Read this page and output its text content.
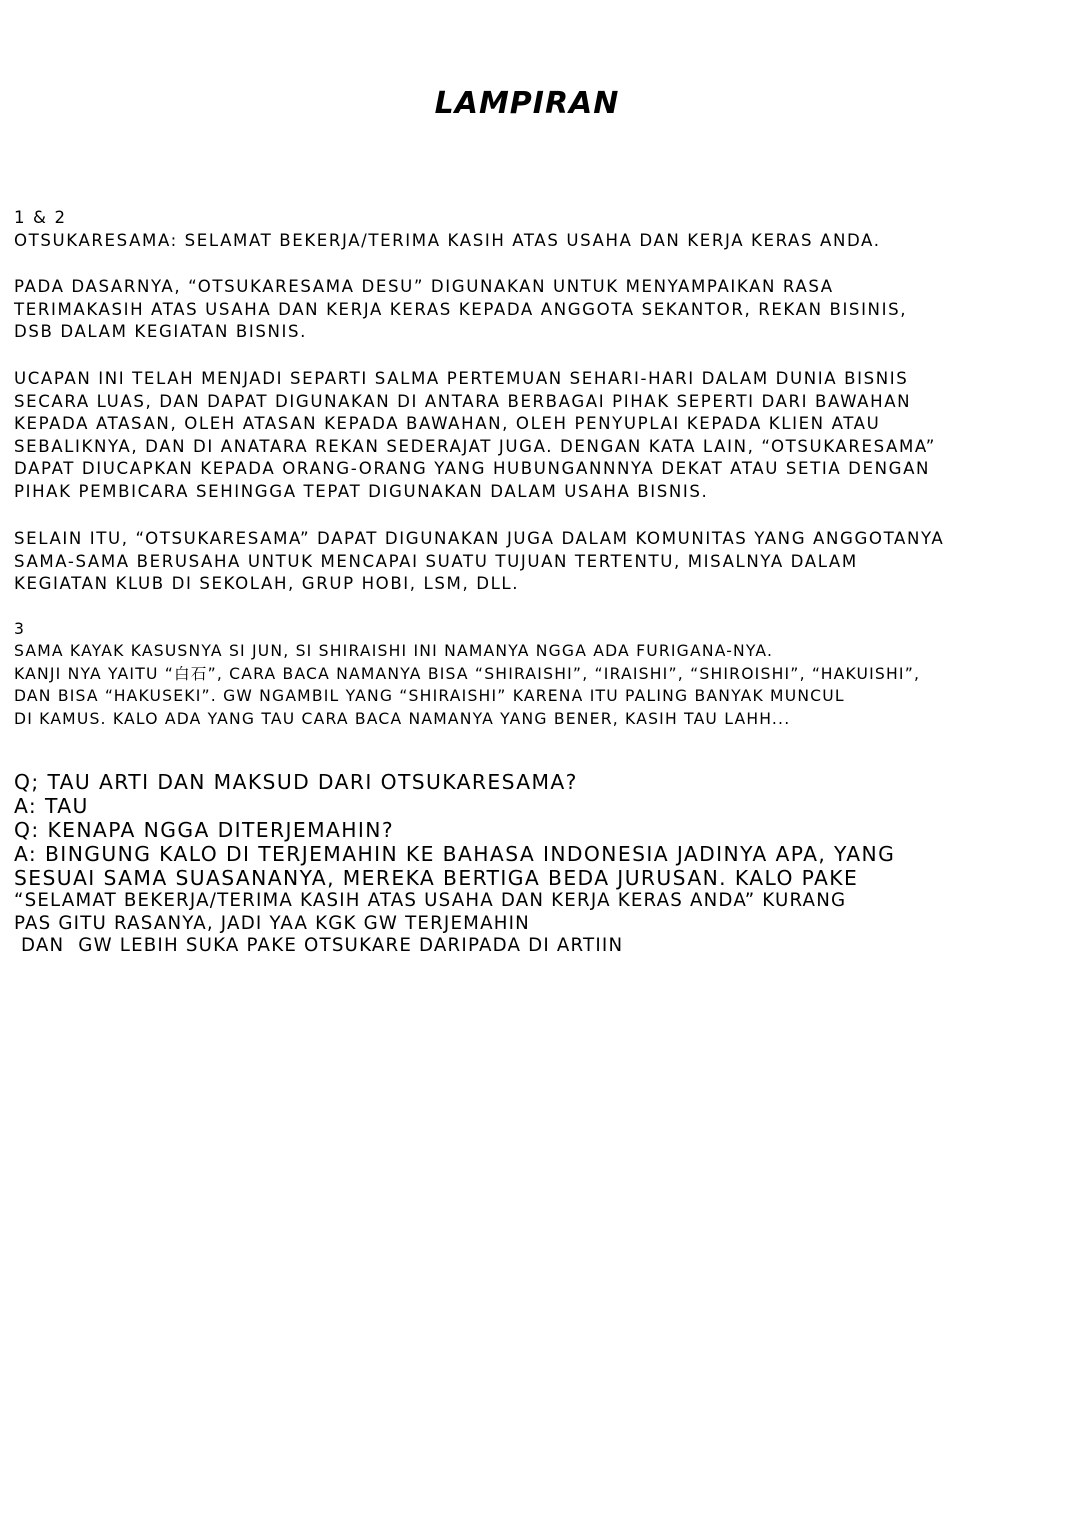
LAMPIRAN
1 & 2
OTSUKARESAMA: SELAMAT BEKERJA/TERIMA KASIH ATAS USAHA DAN KERJA KERAS ANDA.
PADA DASARNYA, “OTSUKARESAMA DESU” DIGUNAKAN UNTUK MENYAMPAIKAN RASA
TERIMAKASIH ATAS USAHA DAN KERJA KERAS KEPADA ANGGOTA SEKANTOR, REKAN BISINIS,
DSB DALAM KEGIATAN BISNIS.
UCAPAN INI TELAH MENJADI SEPARTI SALMA PERTEMUAN SEHARI-HARI DALAM DUNIA BISNIS
SECARA LUAS, DAN DAPAT DIGUNAKAN DI ANTARA BERBAGAI PIHAK SEPERTI DARI BAWAHAN
KEPADA ATASAN, OLEH ATASAN KEPADA BAWAHAN, OLEH PENYUPLAI KEPADA KLIEN ATAU
SEBALIKNYA, DAN DI ANATARA REKAN SEDERAJAT JUGA. DENGAN KATA LAIN, “OTSUKARESAMA”
DAPAT DIUCAPKAN KEPADA ORANG-ORANG YANG HUBUNGANNNYA DEKAT ATAU SETIA DENGAN
PIHAK PEMBICARA SEHINGGA TEPAT DIGUNAKAN DALAM USAHA BISNIS.
SELAIN ITU, “OTSUKARESAMA” DAPAT DIGUNAKAN JUGA DALAM KOMUNITAS YANG ANGGOTANYA
SAMA-SAMA BERUSAHA UNTUK MENCAPAI SUATU TUJUAN TERTENTU, MISALNYA DALAM
KEGIATAN KLUB DI SEKOLAH, GRUP HOBI, LSM, DLL.
3
SAMA KAYAK KASUSNYA SI JUN, SI SHIRAISHI INI NAMANYA NGGA ADA FURIGANA-NYA.
KANJI NYA YAITU “白石”, CARA BACA NAMANYA BISA “SHIRAISHI”, “IRAISHI”, “SHIROISHI”, “HAKUISHI”,
DAN BISA “HAKUSEKI”. GW NGAMBIL YANG “SHIRAISHI” KARENA ITU PALING BANYAK MUNCUL
DI KAMUS. KALO ADA YANG TAU CARA BACA NAMANYA YANG BENER, KASIH TAU LAHH...
Q; TAU ARTI DAN MAKSUD DARI OTSUKARESAMA?
A: TAU
Q: KENAPA NGGA DITERJEMAHIN?
A: BINGUNG KALO DI TERJEMAHIN KE BAHASA INDONESIA JADINYA APA, YANG
SESUAI SAMA SUASANANYA, MEREKA BERTIGA BEDA JURUSAN. KALO PAKE
“SELAMAT BEKERJA/TERIMA KASIH ATAS USAHA DAN KERJA KERAS ANDA” KURANG
PAS GITU RASANYA, JADI YAA KGK GW TERJEMAHIN
DAN  GW LEBIH SUKA PAKE OTSUKARE DARIPADA DI ARTIIN
